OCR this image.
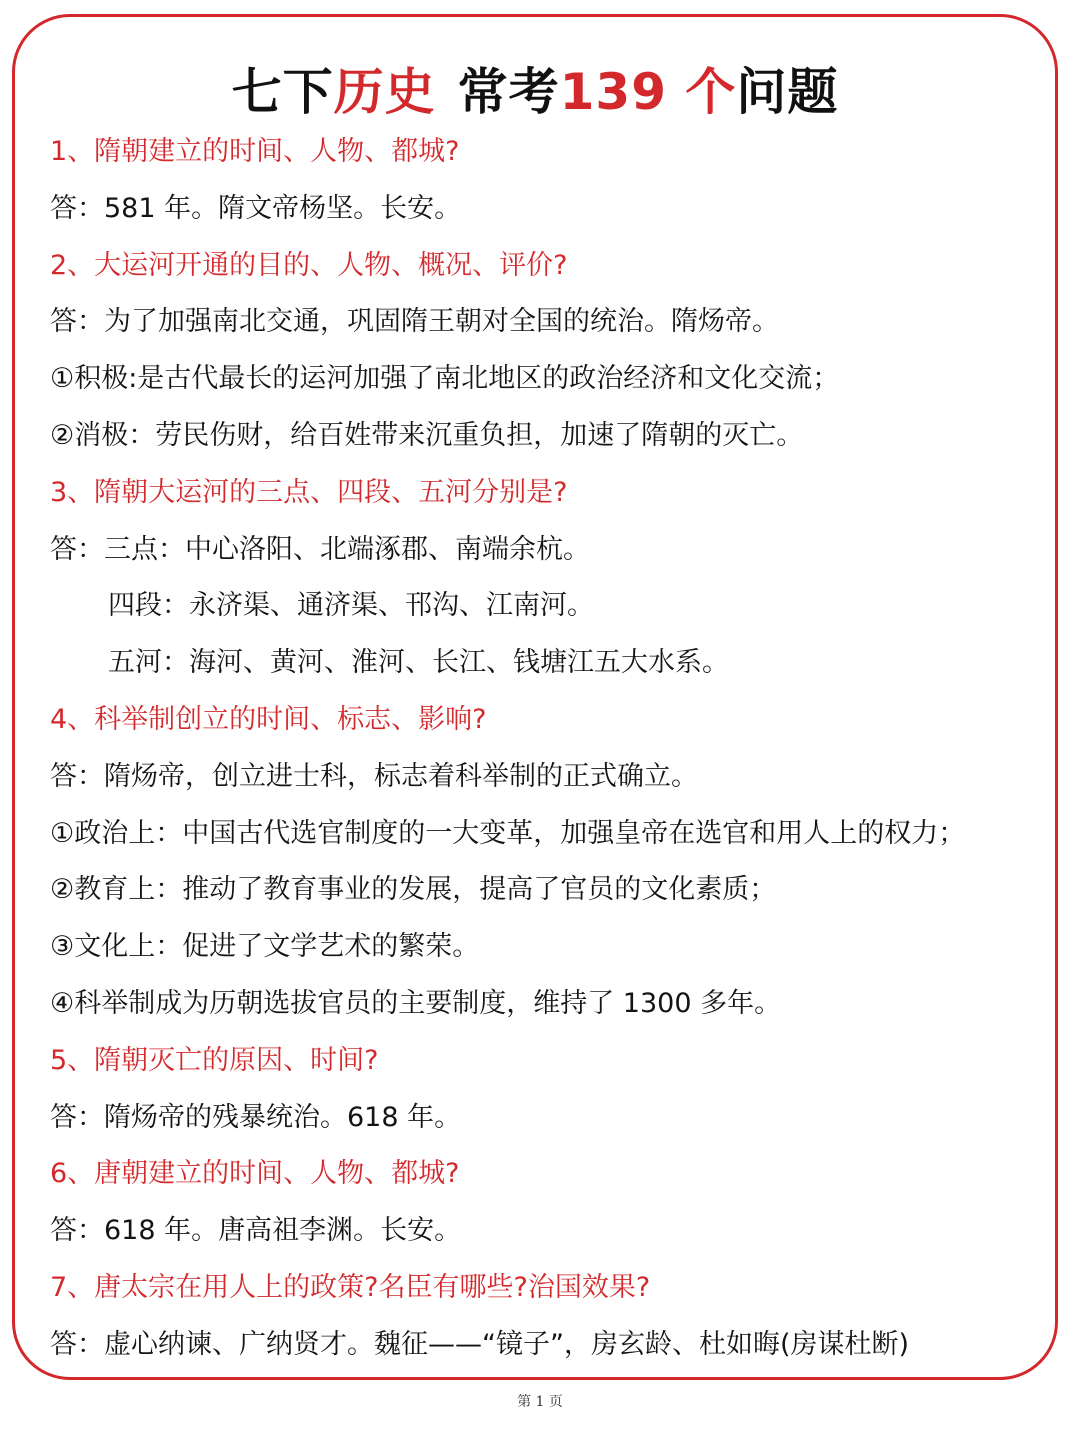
七下历史 常考139 个问题
1、隋朝建立的时间、人物、都城?
答：581 年。隋文帝杨坚。长安。
2、大运河开通的目的、人物、概况、评价?
答：为了加强南北交通，巩固隋王朝对全国的统治。隋炀帝。
①积极:是古代最长的运河加强了南北地区的政治经济和文化交流；
②消极：劳民伤财，给百姓带来沉重负担，加速了隋朝的灭亡。
3、隋朝大运河的三点、四段、五河分别是?
答：三点：中心洛阳、北端涿郡、南端余杭。
四段：永济渠、通济渠、邗沟、江南河。
五河：海河、黄河、淮河、长江、钱塘江五大水系。
4、科举制创立的时间、标志、影响?
答：隋炀帝，创立进士科，标志着科举制的正式确立。
①政治上：中国古代选官制度的一大变革，加强皇帝在选官和用人上的权力；
②教育上：推动了教育事业的发展，提高了官员的文化素质；
③文化上：促进了文学艺术的繁荣。
④科举制成为历朝选拔官员的主要制度，维持了 1300 多年。
5、隋朝灭亡的原因、时间?
答：隋炀帝的残暴统治。618 年。
6、唐朝建立的时间、人物、都城?
答：618 年。唐高祖李渊。长安。
7、唐太宗在用人上的政策?名臣有哪些?治国效果?
答：虚心纳谏、广纳贤才。魏征——“镜子”，房玄龄、杜如晦(房谋杜断)
第 1 页
